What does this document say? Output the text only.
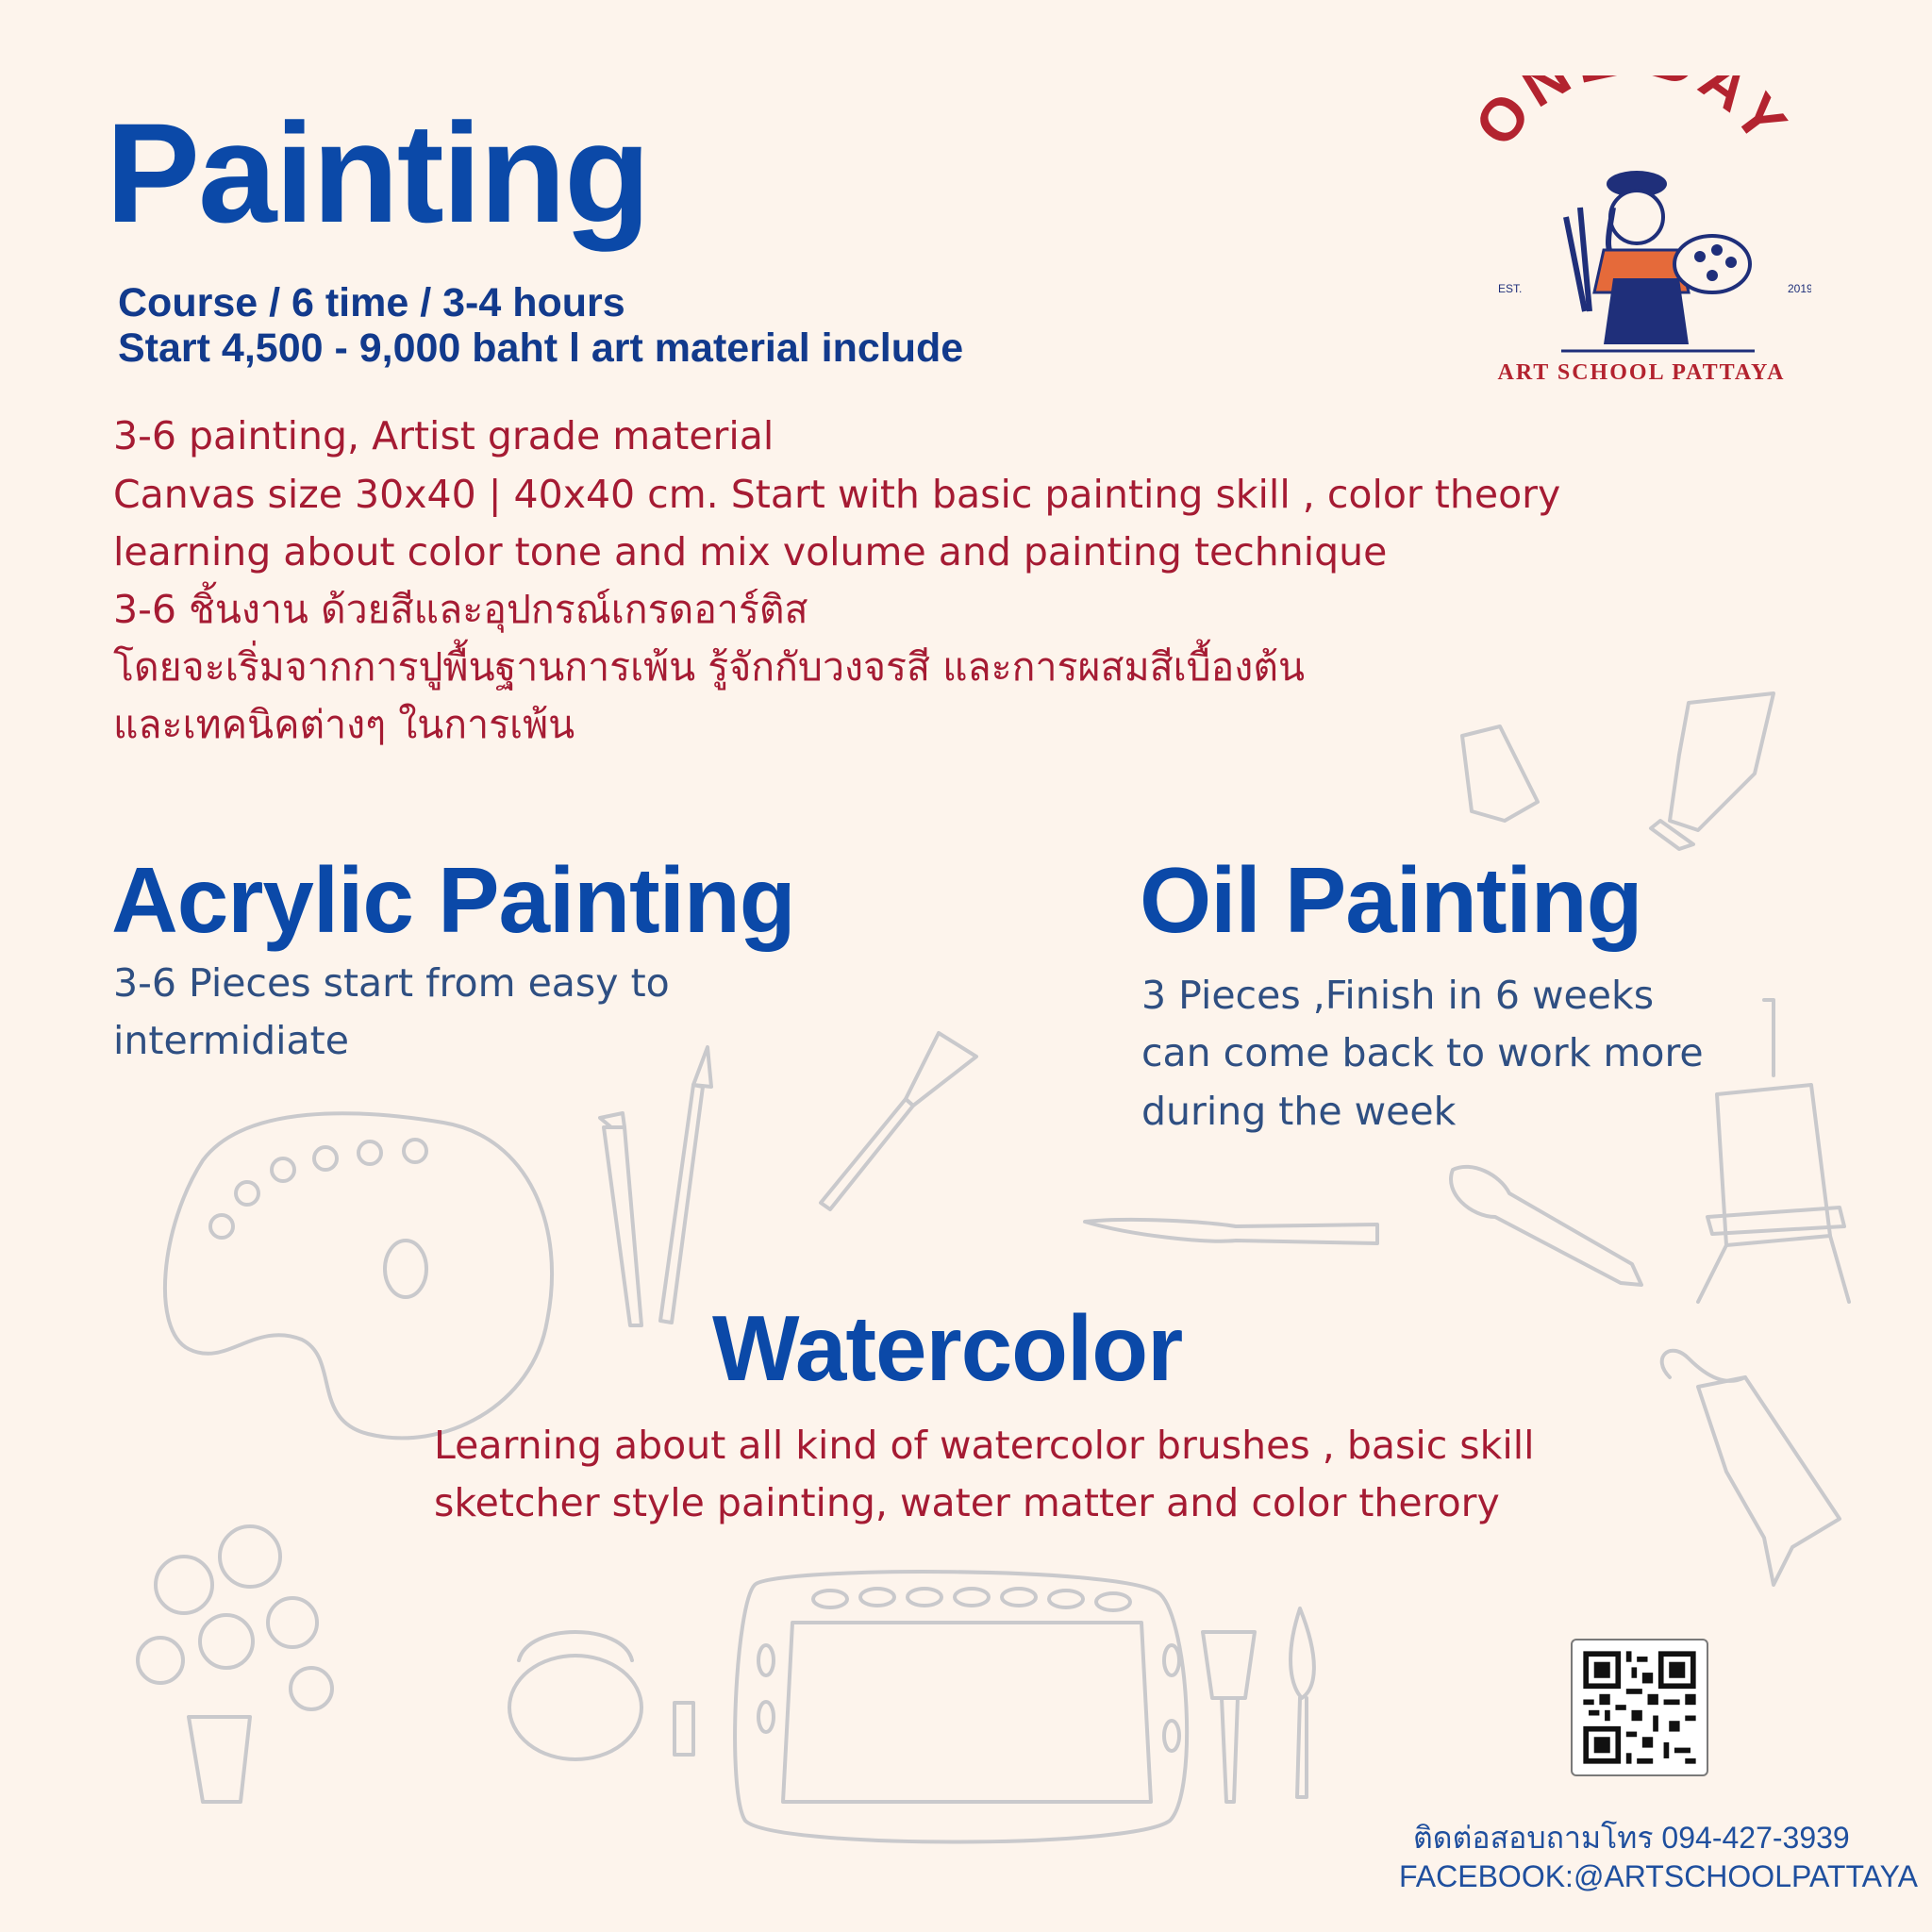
Painting
Course / 6 time / 3-4 hours
Start 4,500 - 9,000 baht l art material include
3-6 painting, Artist grade material
Canvas size 30x40 | 40x40 cm. Start with basic painting skill , color theory
learning about color tone and mix volume and painting technique
3-6 ชิ้นงาน ด้วยสีและอุปกรณ์เกรดอาร์ติส
โดยจะเริ่มจากการปูพื้นฐานการเพ้น รู้จักกับวงจรสี และการผสมสีเบื้องต้น
และเทคนิคต่างๆ ในการเพ้น
Acrylic Painting
3-6 Pieces start from easy to
intermidiate
Oil Painting
3 Pieces ,Finish in 6 weeks
can come back to work more
during the week
Watercolor
Learning about all kind of watercolor brushes , basic skill
sketcher style painting, water matter and color therory
ON AY
EST.	2019
ART SCHOOL PATTAYA
ติดต่อสอบถามโทร 094-427-3939
FACEBOOK:@ARTSCHOOLPATTAYA
